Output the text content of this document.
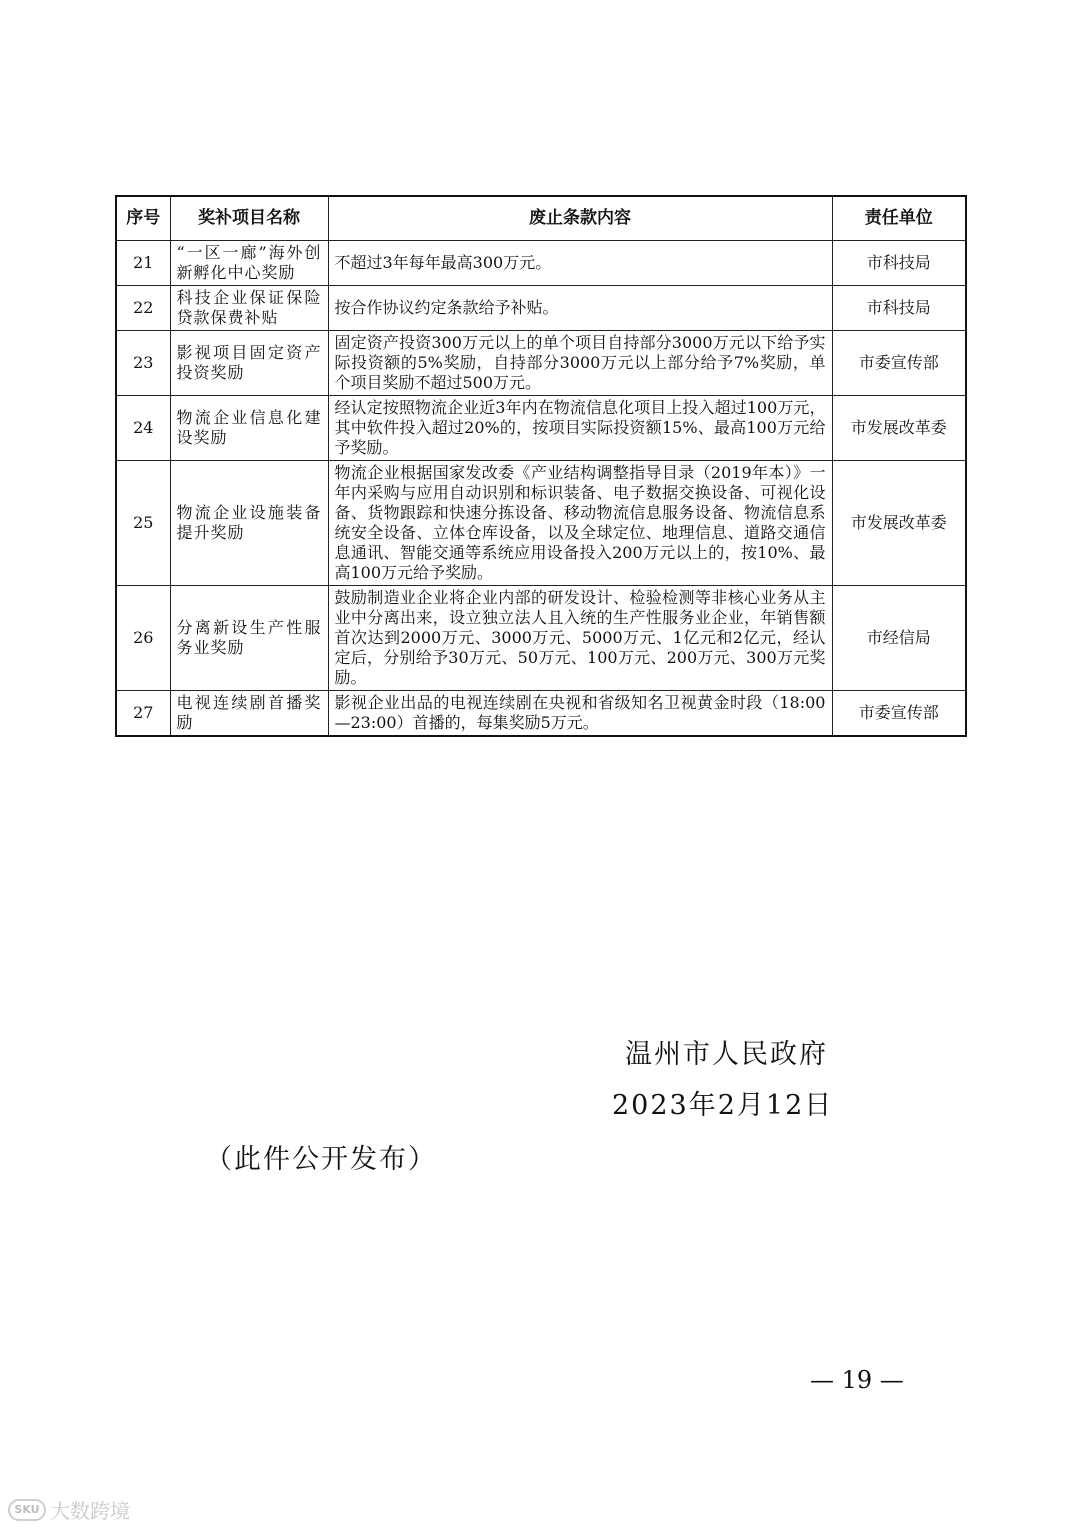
序号	奖补项目名称	废止条款内容	责任单位
21	“一区一廊”海外创新孵化中心奖励	不超过3年每年最高300万元。	市科技局
22	科技企业保证保险贷款保费补贴	按合作协议约定条款给予补贴。	市科技局
23	影视项目固定资产投资奖励	固定资产投资300万元以上的单个项目自持部分3000万元以下给予实际投资额的5%奖励，自持部分3000万元以上部分给予7%奖励，单个项目奖励不超过500万元。	市委宣传部
24	物流企业信息化建设奖励	经认定按照物流企业近3年内在物流信息化项目上投入超过100万元，其中软件投入超过20%的，按项目实际投资额15%、最高100万元给予奖励。	市发展改革委
25	物流企业设施装备提升奖励	物流企业根据国家发改委《产业结构调整指导目录（2019年本）》一年内采购与应用自动识别和标识装备、电子数据交换设备、可视化设备、货物跟踪和快速分拣设备、移动物流信息服务设备、物流信息系统安全设备、立体仓库设备，以及全球定位、地理信息、道路交通信息通讯、智能交通等系统应用设备投入200万元以上的，按10%、最高100万元给予奖励。	市发展改革委
26	分离新设生产性服务业奖励	鼓励制造业企业将企业内部的研发设计、检验检测等非核心业务从主业中分离出来，设立独立法人且入统的生产性服务业企业，年销售额首次达到2000万元、3000万元、5000万元、1亿元和2亿元，经认定后，分别给予30万元、50万元、100万元、200万元、300万元奖励。	市经信局
27	电视连续剧首播奖励	影视企业出品的电视连续剧在央视和省级知名卫视黄金时段（18:00—23:00）首播的，每集奖励5万元。	市委宣传部
温州市人民政府
2023年2月12日
（此件公开发布）
— 19 —
SKU 大数跨境
